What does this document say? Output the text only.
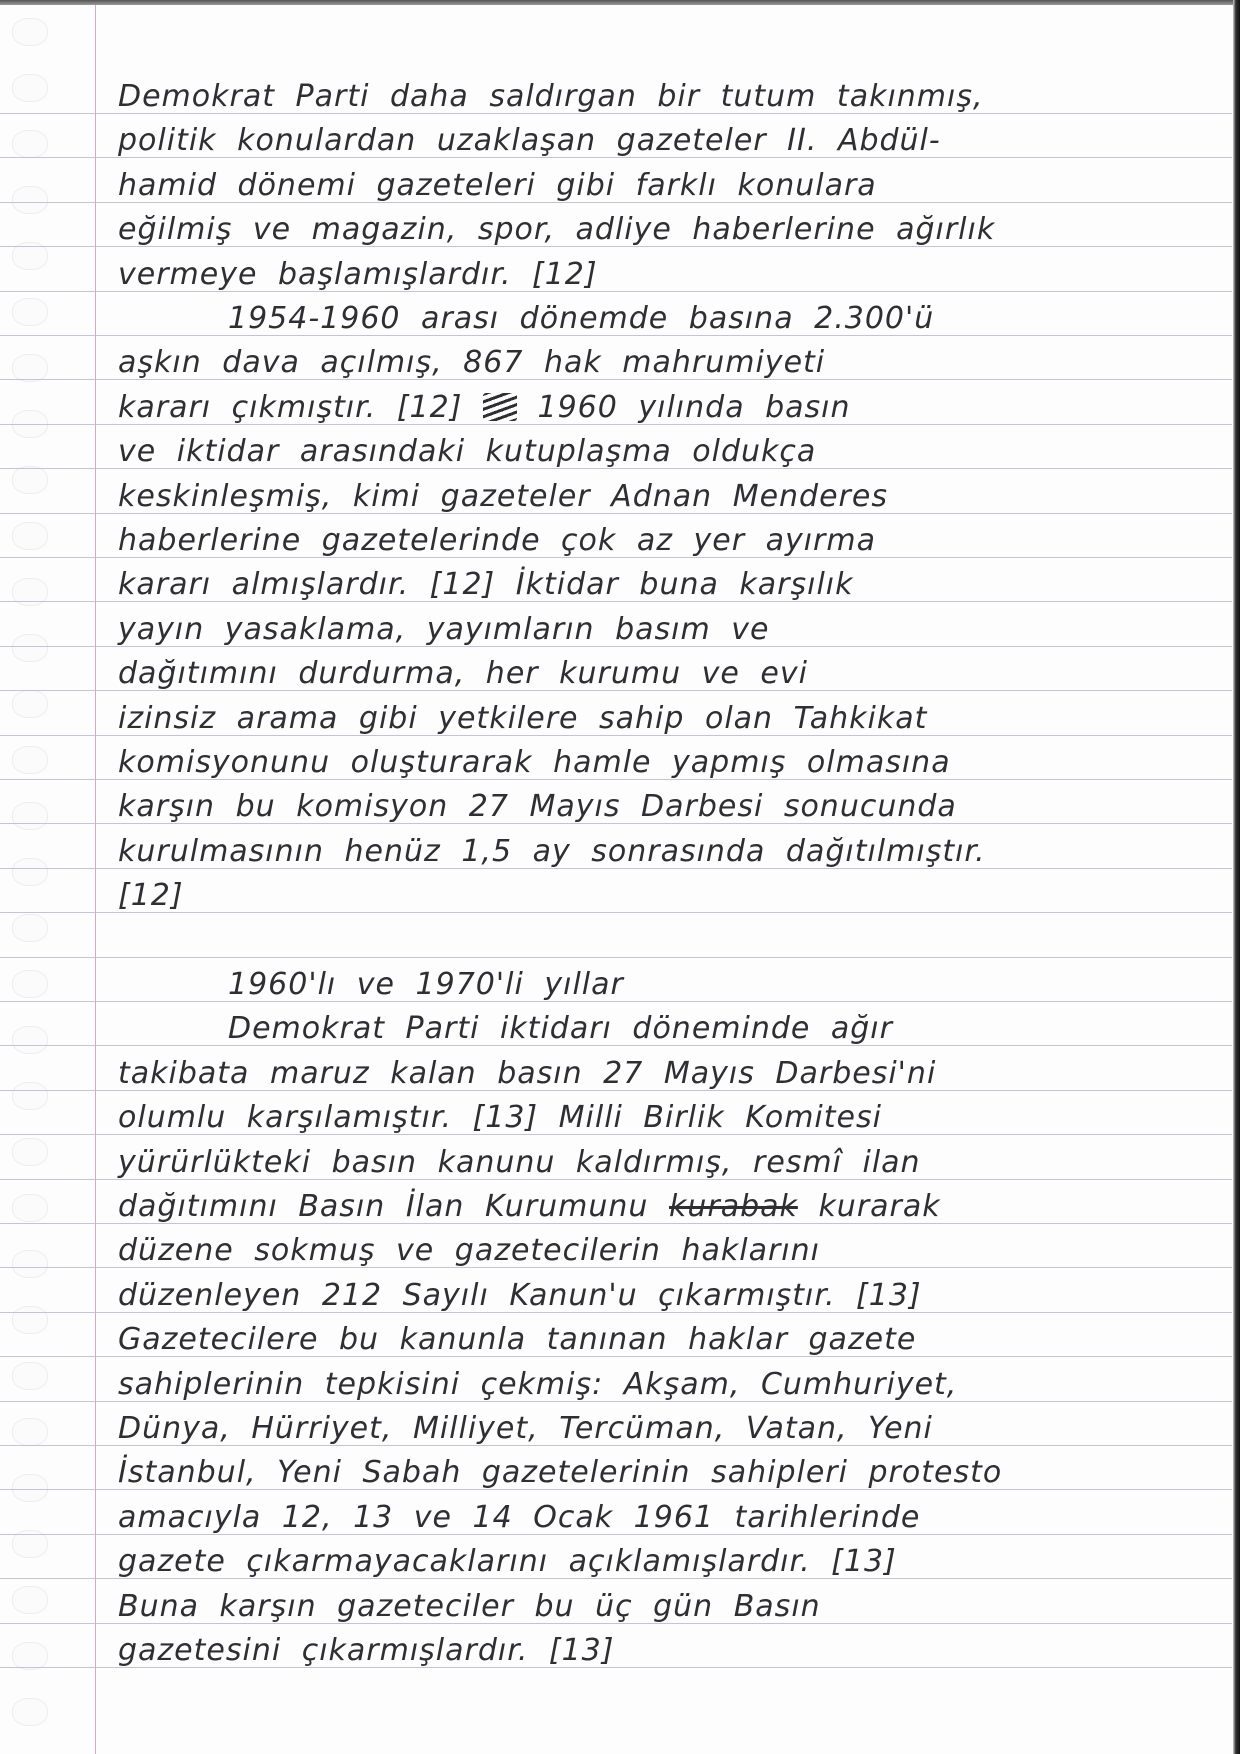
Demokrat Parti daha saldırgan bir tutum takınmış,
politik konulardan uzaklaşan gazeteler II. Abdül-
hamid dönemi gazeteleri gibi farklı konulara
eğilmiş ve magazin, spor, adliye haberlerine ağırlık
vermeye başlamışlardır. [12]
1954-1960 arası dönemde basına 2.300'ü
aşkın dava açılmış, 867 hak mahrumiyeti
kararı çıkmıştır. [12]	1960 yılında basın
ve iktidar arasındaki kutuplaşma oldukça
keskinleşmiş, kimi gazeteler Adnan Menderes
haberlerine gazetelerinde çok az yer ayırma
kararı almışlardır. [12] İktidar buna karşılık
yayın yasaklama, yayımların basım ve
dağıtımını durdurma, her kurumu ve evi
izinsiz arama gibi yetkilere sahip olan Tahkikat
komisyonunu oluşturarak hamle yapmış olmasına
karşın bu komisyon 27 Mayıs Darbesi sonucunda
kurulmasının henüz 1,5 ay sonrasında dağıtılmıştır.
[12]
1960'lı ve 1970'li yıllar
Demokrat Parti iktidarı döneminde ağır
takibata maruz kalan basın 27 Mayıs Darbesi'ni
olumlu karşılamıştır. [13] Milli Birlik Komitesi
yürürlükteki basın kanunu kaldırmış, resmî ilan
dağıtımını Basın İlan Kurumunu kurabak kurarak
düzene sokmuş ve gazetecilerin haklarını
düzenleyen 212 Sayılı Kanun'u çıkarmıştır. [13]
Gazetecilere bu kanunla tanınan haklar gazete
sahiplerinin tepkisini çekmiş: Akşam, Cumhuriyet,
Dünya, Hürriyet, Milliyet, Tercüman, Vatan, Yeni
İstanbul, Yeni Sabah gazetelerinin sahipleri protesto
amacıyla 12, 13 ve 14 Ocak 1961 tarihlerinde
gazete çıkarmayacaklarını açıklamışlardır. [13]
Buna karşın gazeteciler bu üç gün Basın
gazetesini çıkarmışlardır. [13]
